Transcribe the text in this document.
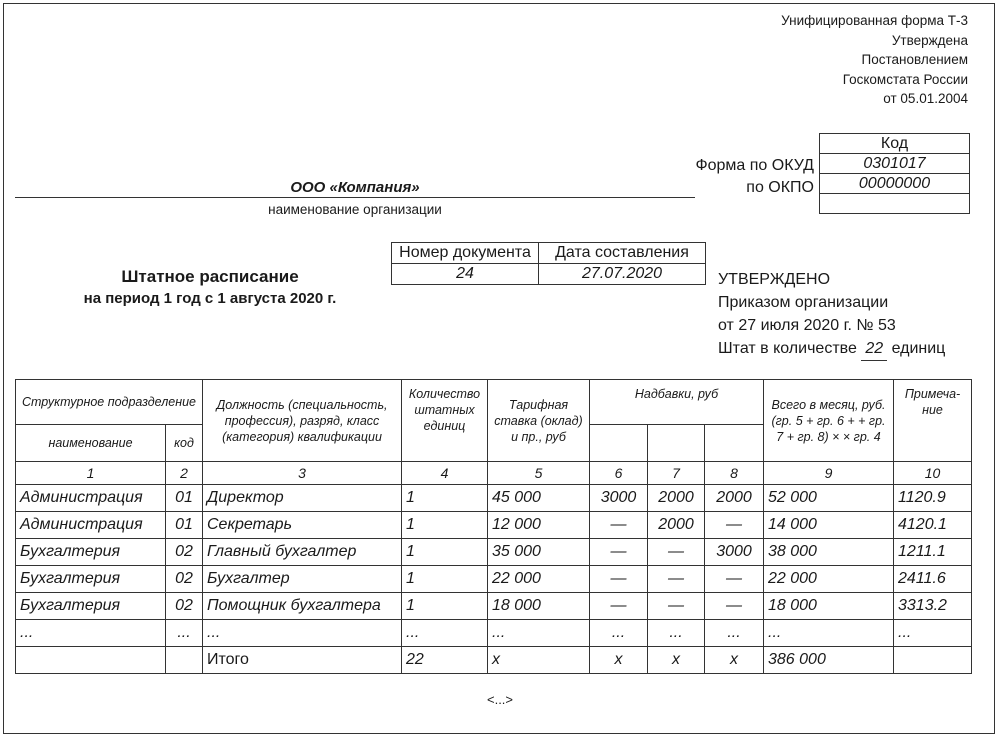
Унифицированная форма Т-3
Утверждена
Постановлением
Госкомстата России
от 05.01.2004
Код
0301017
00000000

Форма по ОКУД
по ОКПО
ООО «Компания»
наименование организации
Номер документа	Дата составления
24	27.07.2020
Штатное расписание
на период 1 год с 1 августа 2020 г.
УТВЕРЖДЕНО
Приказом организации
от 27 июля 2020 г. № 53
Штат в количестве 22 единиц
Структурное подразделение		Должность (специальность, профессия), разряд, класс (категория) квалификации	Количество штатных единиц	Тарифная ставка (оклад) и пр., руб	Надбавки, руб			Всего в месяц, руб. (гр. 5 + гр. 6 + + гр. 7 + гр. 8) × × гр. 4	Примеча-ние
наименование	код								
1	2	3	4	5	6	7	8	9	10
Администрация	01	Директор	1	45 000	3000	2000	2000	52 000	1120.9
Администрация	01	Секретарь	1	12 000	—	2000	—	14 000	4120.1
Бухгалтерия	02	Главный бухгалтер	1	35 000	—	—	3000	38 000	1211.1
Бухгалтерия	02	Бухгалтер	1	22 000	—	—	—	22 000	2411.6
Бухгалтерия	02	Помощник бухгалтера	1	18 000	—	—	—	18 000	3313.2
...	...	...	...	...	...	...	...	...	...
		Итого	22	х	х	х	х	386 000	
<...>
